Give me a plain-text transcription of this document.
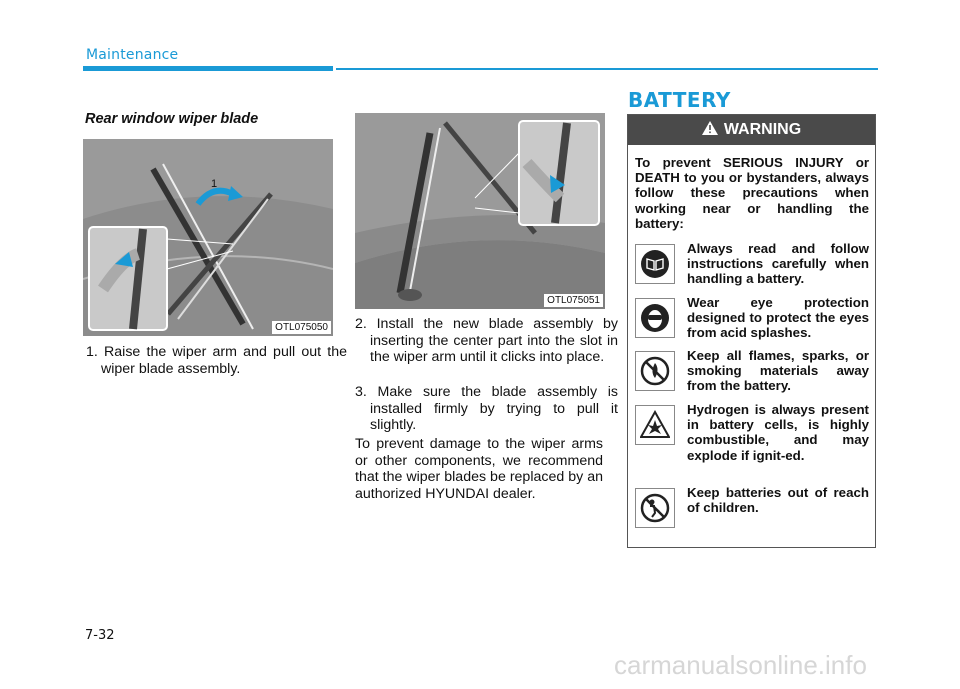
Maintenance
Rear window wiper blade
1
OTL075050
1. Raise the wiper arm and pull out the wiper blade assembly.
OTL075051
2. Install the new blade assembly by inserting the center part into the slot in the wiper arm until it clicks into place.
3. Make sure the blade assembly is installed firmly by trying to pull it slightly.
To prevent damage to the wiper arms or other components, we recommend that the wiper blades be replaced by an authorized HYUNDAI dealer.
BATTERY
WARNING
To prevent SERIOUS INJURY or DEATH to you or bystanders, always follow these precautions when working near or handling the battery:
Always read and follow instructions carefully when handling a battery.
Wear eye protection designed to protect the eyes from acid splashes.
Keep all flames, sparks, or smoking materials away from the battery.
Hydrogen is always present in battery cells, is highly combustible, and may explode if ignit-ed.
Keep batteries out of reach of children.
7-32
carmanualsonline.info
